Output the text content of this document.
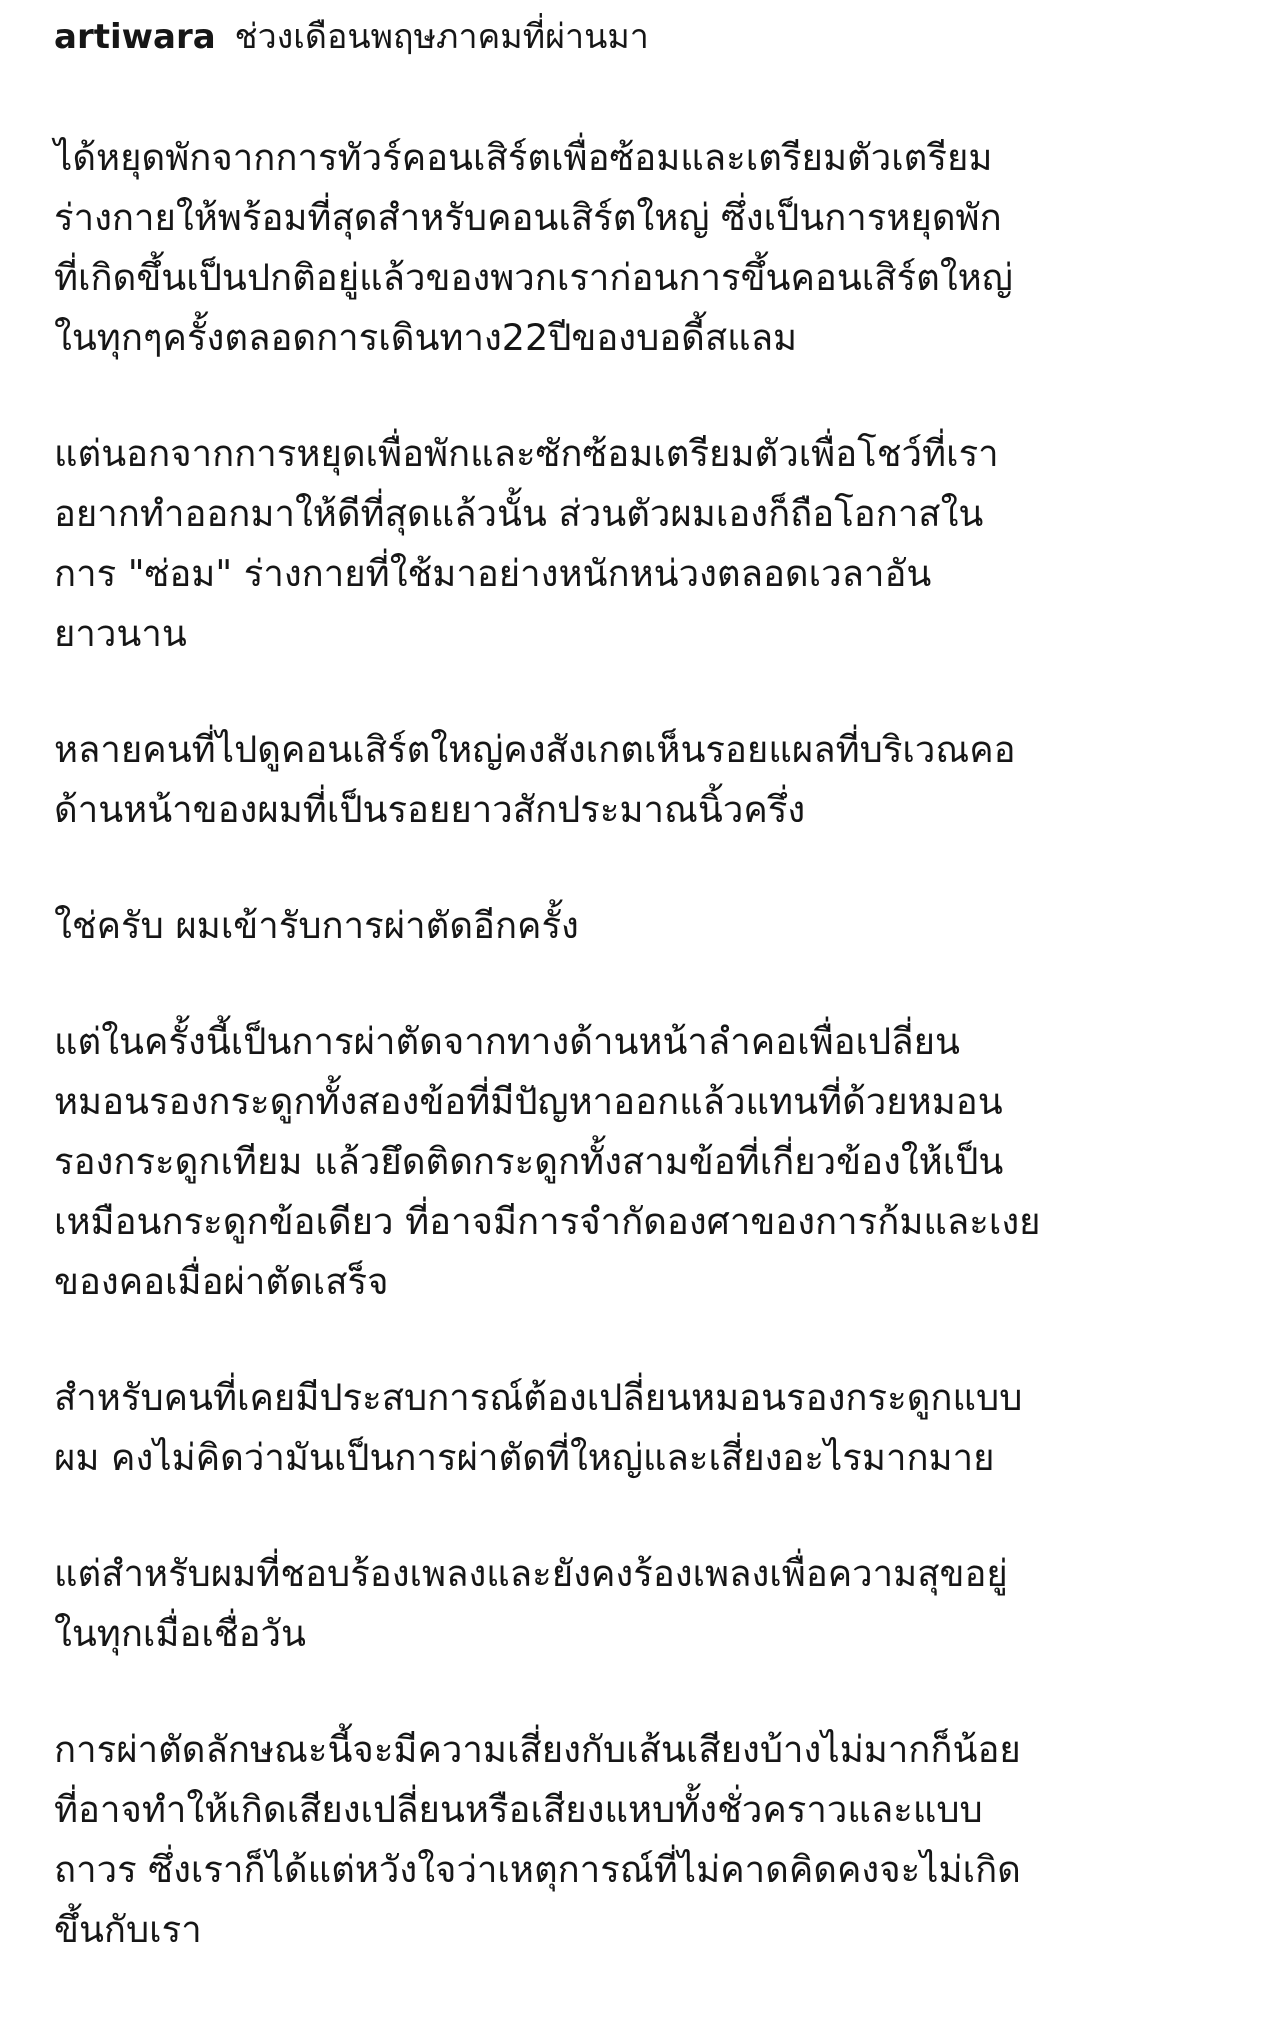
artiwara ช่วงเดือนพฤษภาคมที่ผ่านมา
ได้หยุดพักจากการทัวร์คอนเสิร์ตเพื่อซ้อมและเตรียมตัวเตรียม
ร่างกายให้พร้อมที่สุดสำหรับคอนเสิร์ตใหญ่ ซึ่งเป็นการหยุดพัก
ที่เกิดขึ้นเป็นปกติอยู่แล้วของพวกเราก่อนการขึ้นคอนเสิร์ตใหญ่
ในทุกๆครั้งตลอดการเดินทาง22ปีของบอดี้สแลม
แต่นอกจากการหยุดเพื่อพักและซักซ้อมเตรียมตัวเพื่อโชว์ที่เรา
อยากทำออกมาให้ดีที่สุดแล้วนั้น ส่วนตัวผมเองก็ถือโอกาสใน
การ "ซ่อม" ร่างกายที่ใช้มาอย่างหนักหน่วงตลอดเวลาอัน
ยาวนาน
หลายคนที่ไปดูคอนเสิร์ตใหญ่คงสังเกตเห็นรอยแผลที่บริเวณคอ
ด้านหน้าของผมที่เป็นรอยยาวสักประมาณนิ้วครึ่ง
ใช่ครับ ผมเข้ารับการผ่าตัดอีกครั้ง
แต่ในครั้งนี้เป็นการผ่าตัดจากทางด้านหน้าลำคอเพื่อเปลี่ยน
หมอนรองกระดูกทั้งสองข้อที่มีปัญหาออกแล้วแทนที่ด้วยหมอน
รองกระดูกเทียม แล้วยึดติดกระดูกทั้งสามข้อที่เกี่ยวข้องให้เป็น
เหมือนกระดูกข้อเดียว ที่อาจมีการจำกัดองศาของการก้มและเงย
ของคอเมื่อผ่าตัดเสร็จ
สำหรับคนที่เคยมีประสบการณ์ต้องเปลี่ยนหมอนรองกระดูกแบบ
ผม คงไม่คิดว่ามันเป็นการผ่าตัดที่ใหญ่และเสี่ยงอะไรมากมาย
แต่สำหรับผมที่ชอบร้องเพลงและยังคงร้องเพลงเพื่อความสุขอยู่
ในทุกเมื่อเชื่อวัน
การผ่าตัดลักษณะนี้จะมีความเสี่ยงกับเส้นเสียงบ้างไม่มากก็น้อย
ที่อาจทำให้เกิดเสียงเปลี่ยนหรือเสียงแหบทั้งชั่วคราวและแบบ
ถาวร ซึ่งเราก็ได้แต่หวังใจว่าเหตุการณ์ที่ไม่คาดคิดคงจะไม่เกิด
ขึ้นกับเรา
